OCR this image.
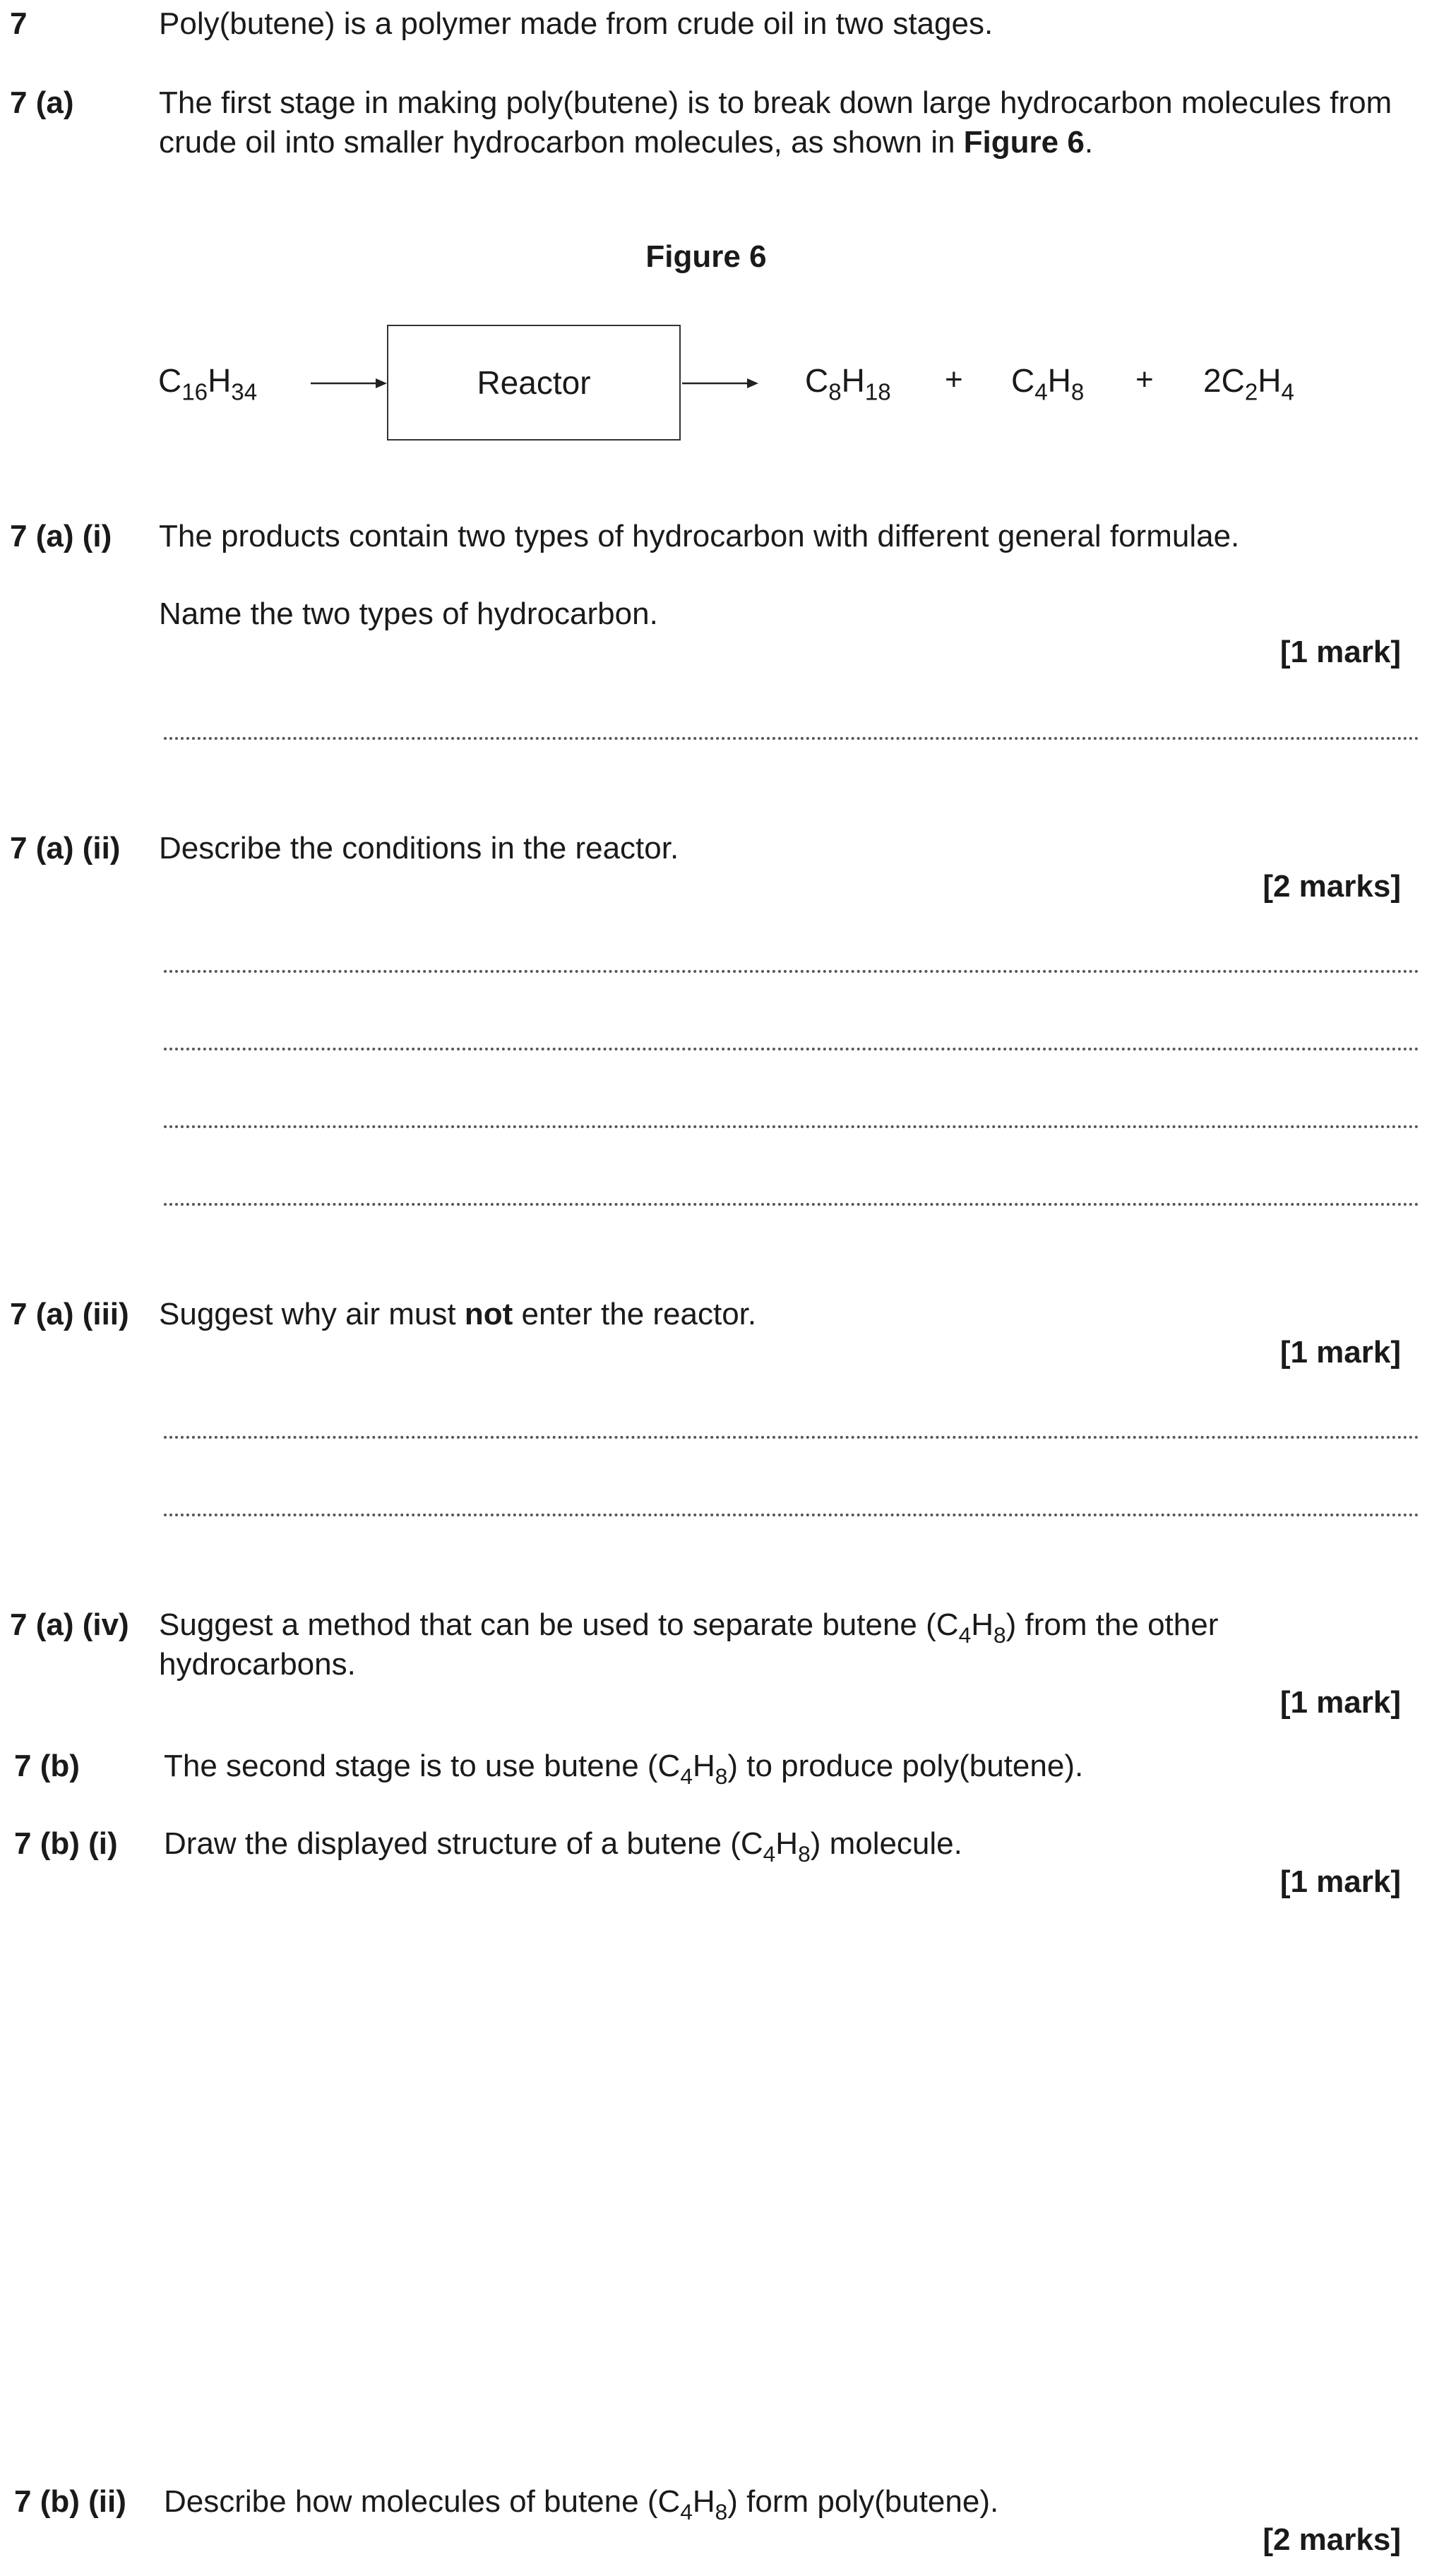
7	Poly(butene) is a polymer made from crude oil in two stages.
7 (a)	The first stage in making poly(butene) is to break down large hydrocarbon molecules from crude oil into smaller hydrocarbon molecules, as shown in Figure 6.
Figure 6
$C_{16}H_{34}$	Reactor	$C_8H_{18} + C_4H_8 + 2C_2H_4$
7 (a) (i) The products contain two types of hydrocarbon with different general formulae.
Name the two types of hydrocarbon.
[1 mark]
7 (a) (ii) Describe the conditions in the reactor.
[2 marks]
7 (a) (iii) Suggest why air must not enter the reactor.
[1 mark]
7 (a) (iv) Suggest a method that can be used to separate butene $(C_4H_8)$ from the other hydrocarbons.
[1 mark]
7 (b)	The second stage is to use butene $(C_4H_8)$ to produce poly(butene).
7 (b) (i) Draw the displayed structure of a butene $(C_4H_8)$ molecule.
[1 mark]
7 (b) (ii) Describe how molecules of butene $(C_4H_8)$ form poly(butene).
[2 marks]
